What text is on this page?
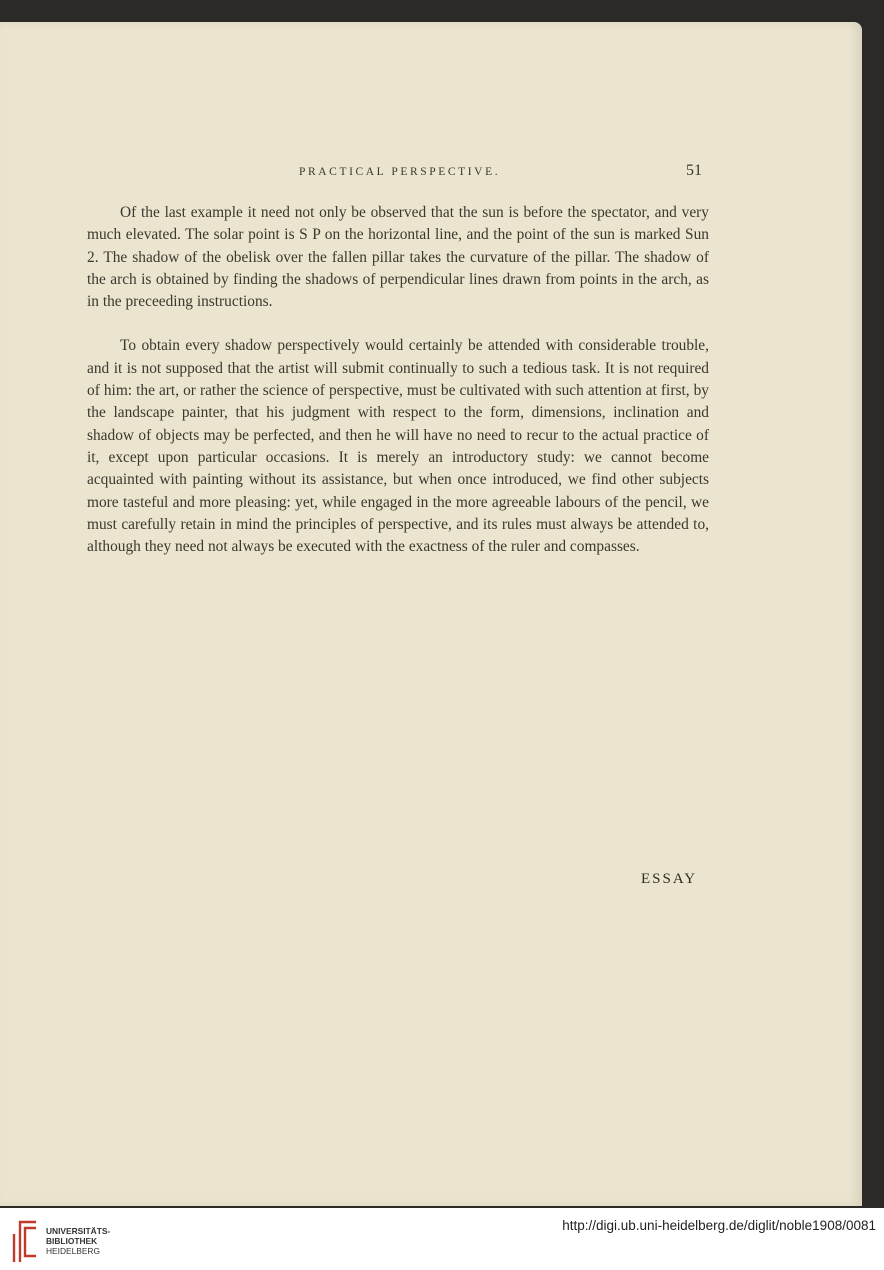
PRACTICAL PERSPECTIVE.	51

Of the last example it need not only be observed that the sun is before the spectator, and very much elevated. The solar point is S P on the horizontal line, and the point of the sun is marked Sun 2. The shadow of the obelisk over the fallen pillar takes the curvature of the pillar. The shadow of the arch is obtained by finding the shadows of perpendicular lines drawn from points in the arch, as in the preceeding instructions.

To obtain every shadow perspectively would certainly be attended with considerable trouble, and it is not supposed that the artist will submit continually to such a tedious task. It is not required of him: the art, or rather the science of perspective, must be cultivated with such attention at first, by the landscape painter, that his judgment with respect to the form, dimensions, inclination and shadow of objects may be perfected, and then he will have no need to recur to the actual practice of it, except upon particular occasions. It is merely an introductory study: we cannot become acquainted with painting without its assistance, but when once introduced, we find other subjects more tasteful and more pleasing: yet, while engaged in the more agreeable labours of the pencil, we must carefully retain in mind the principles of perspective, and its rules must always be attended to, although they need not always be executed with the exactness of the ruler and compasses.

ESSAY
UNIVERSITÄTS-
BIBLIOTHEK
HEIDELBERG
http://digi.ub.uni-heidelberg.de/diglit/noble1908/0081
